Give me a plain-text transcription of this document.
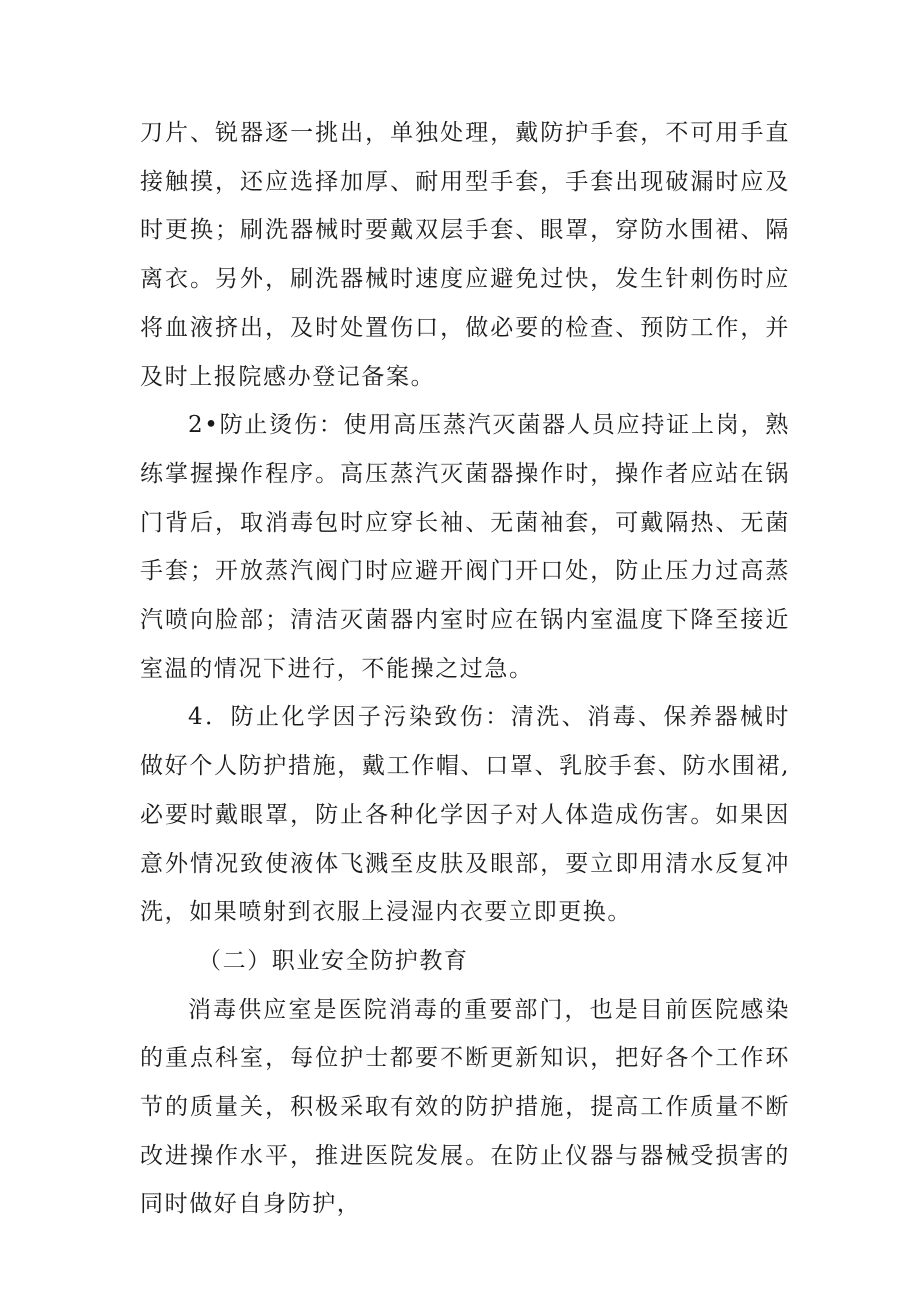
刀片、锐器逐一挑出，单独处理，戴防护手套，不可用手直接触摸，还应选择加厚、耐用型手套，手套出现破漏时应及时更换；刷洗器械时要戴双层手套、眼罩，穿防水围裙、隔离衣。另外，刷洗器械时速度应避免过快，发生针刺伤时应将血液挤出，及时处置伤口，做必要的检查、预防工作，并及时上报院感办登记备案。

2•防止烫伤：使用高压蒸汽灭菌器人员应持证上岗，熟练掌握操作程序。高压蒸汽灭菌器操作时，操作者应站在锅门背后，取消毒包时应穿长袖、无菌袖套，可戴隔热、无菌手套；开放蒸汽阀门时应避开阀门开口处，防止压力过高蒸汽喷向脸部；清洁灭菌器内室时应在锅内室温度下降至接近室温的情况下进行，不能操之过急。

4．防止化学因子污染致伤：清洗、消毒、保养器械时做好个人防护措施，戴工作帽、口罩、乳胶手套、防水围裙,必要时戴眼罩，防止各种化学因子对人体造成伤害。如果因意外情况致使液体飞溅至皮肤及眼部，要立即用清水反复冲洗，如果喷射到衣服上浸湿内衣要立即更换。

（二）职业安全防护教育

消毒供应室是医院消毒的重要部门，也是目前医院感染的重点科室，每位护士都要不断更新知识，把好各个工作环节的质量关，积极采取有效的防护措施，提高工作质量不断改进操作水平，推进医院发展。在防止仪器与器械受损害的同时做好自身防护，
